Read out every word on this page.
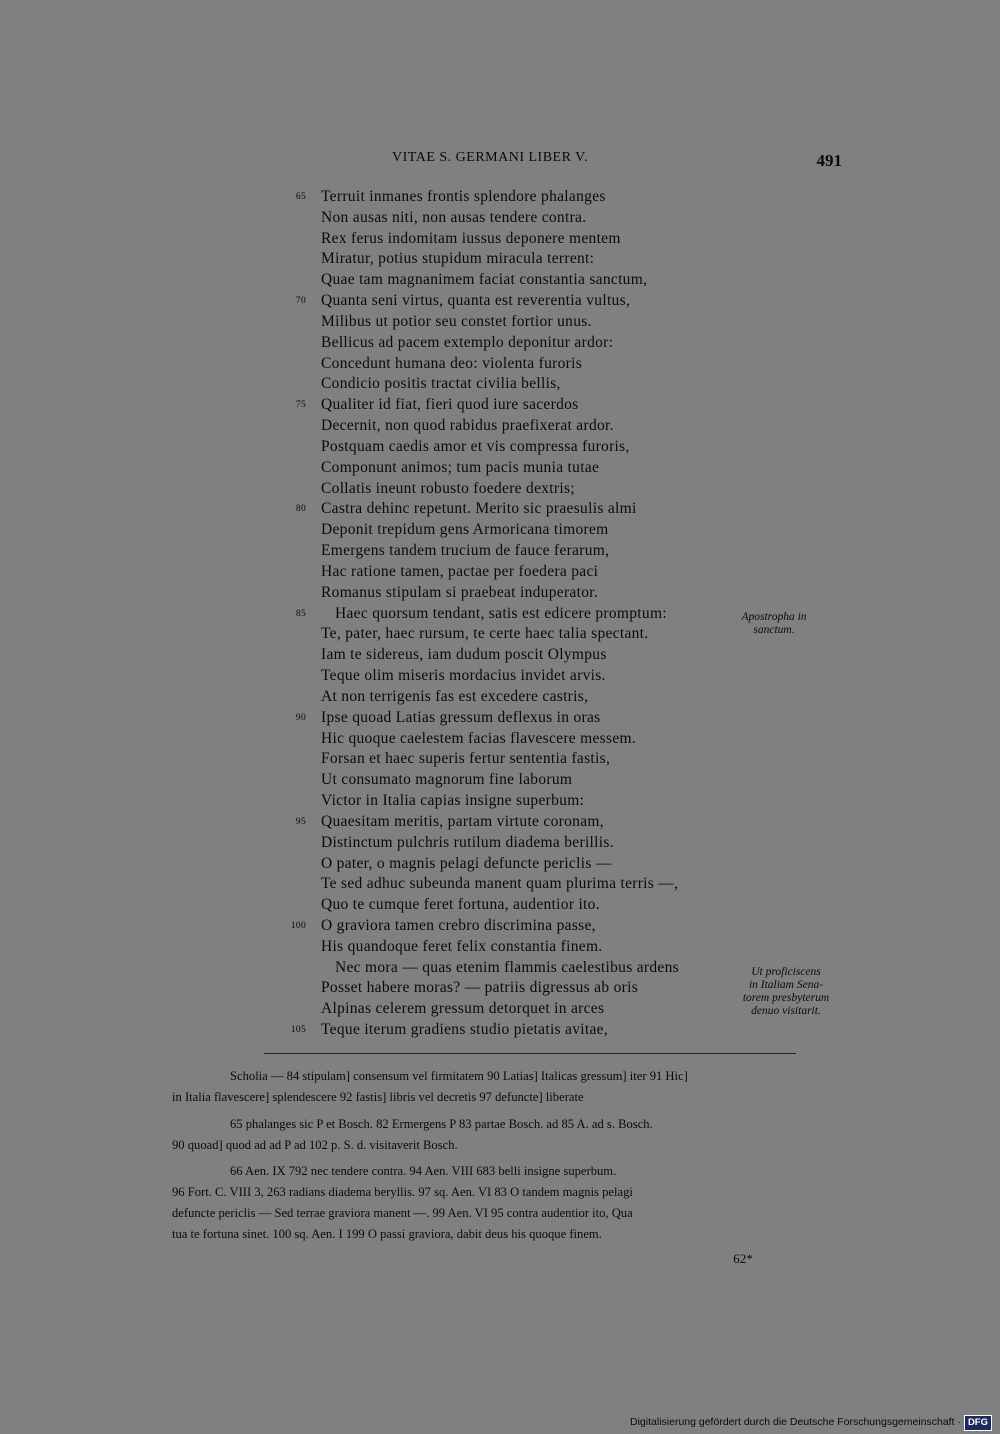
VITAE S. GERMANI LIBER V.	491
65 Terruit inmanes frontis splendore phalanges
Non ausas niti, non ausas tendere contra.
Rex ferus indomitam iussus deponere mentem
Miratur, potius stupidum miracula terrent:
Quae tam magnanimem faciat constantia sanctum,
70 Quanta seni virtus, quanta est reverentia vultus,
Milibus ut potior seu constet fortior unus.
Bellicus ad pacem extemplo deponitur ardor:
Concedunt humana deo: violenta furoris
Condicio positis tractat civilia bellis,
75 Qualiter id fiat, fieri quod iure sacerdos
Decernit, non quod rabidus praefixerat ardor.
Postquam caedis amor et vis compressa furoris,
Componunt animos; tum pacis munia tutae
Collatis ineunt robusto foedere dextris;
80 Castra dehinc repetunt. Merito sic praesulis almi
Deponit trepidum gens Armoricana timorem
Emergens tandem trucium de fauce ferarum,
Hac ratione tamen, pactae per foedera paci
Romanus stipulam si praebeat induperator.
85 Haec quorsum tendant, satis est edicere promptum:
Te, pater, haec rursum, te certe haec talia spectant.
Iam te sidereus, iam dudum poscit Olympus
Teque olim miseris mordacius invidet arvis.
At non terrigenis fas est excedere castris,
90 Ipse quoad Latias gressum deflexus in oras
Hic quoque caelestem facias flavescere messem.
Forsan et haec superis fertur sententia fastis,
Ut consumato magnorum fine laborum
Victor in Italia capias insigne superbum:
95 Quaesitam meritis, partam virtute coronam,
Distinctum pulchris rutilum diadema berillis.
O pater, o magnis pelagi defuncte periclis —
Te sed adhuc subeunda manent quam plurima terris —,
Quo te cumque feret fortuna, audentior ito.
100 O graviora tamen crebro discrimina passe,
His quandoque feret felix constantia finem.
Nec mora — quas etenim flammis caelestibus ardens
Posset habere moras? — patriis digressus ab oris
Alpinas celerem gressum detorquet in arces
105 Teque iterum gradiens studio pietatis avitae,
Apostropha in
sanctum.
Ut proficiscens
in Italiam Sena-
torem presbyterum
denuo visitarit.

Scholia — 84 stipulam] consensum vel firmitatem 90 Latias] Italicas gressum] iter 91 Hic]

in Italia flavescere] splendescere 92 fastis] libris vel decretis 97 defuncte] liberate

65 phalanges sic P et Bosch. 82 Ermergens P 83 partae Bosch. ad 85 A. ad s. Bosch.

90 quoad] quod ad ad P ad 102 p. S. d. visitaverit Bosch.

66 Aen. IX 792 nec tendere contra. 94 Aen. VIII 683 belli insigne superbum.

96 Fort. C. VIII 3, 263 radians diadema beryllis. 97 sq. Aen. VI 83 O tandem magnis pelagi

defuncte periclis — Sed terrae graviora manent —. 99 Aen. VI 95 contra audentior ito, Qua

tua te fortuna sinet. 100 sq. Aen. I 199 O passi graviora, dabit deus his quoque finem.

62*
Digitalisierung gefördert durch die Deutsche Forschungsgemeinschaft · DFG
